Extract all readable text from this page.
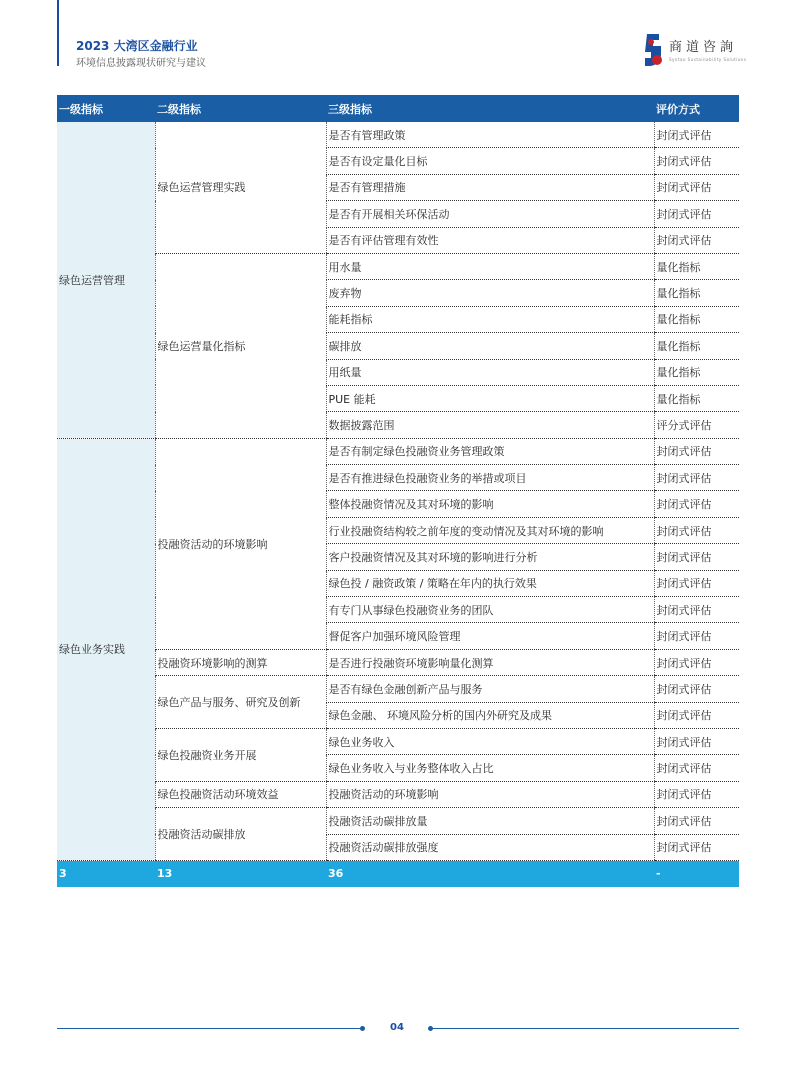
2023 大湾区金融行业
环境信息披露现状研究与建议
商道咨詢
Syntao Sustainability Solutions
一级指标	二级指标	三级指标	评价方式
绿色运营管理	绿色运营管理实践	是否有管理政策	封闭式评估
		是否有设定量化目标	封闭式评估
		是否有管理措施	封闭式评估
		是否有开展相关环保活动	封闭式评估
		是否有评估管理有效性	封闭式评估
	绿色运营量化指标	用水量	量化指标
		废弃物	量化指标
		能耗指标	量化指标
		碳排放	量化指标
		用纸量	量化指标
		PUE 能耗	量化指标
		数据披露范围	评分式评估
绿色业务实践	投融资活动的环境影响	是否有制定绿色投融资业务管理政策	封闭式评估
		是否有推进绿色投融资业务的举措或项目	封闭式评估
		整体投融资情况及其对环境的影响	封闭式评估
		行业投融资结构较之前年度的变动情况及其对环境的影响	封闭式评估
		客户投融资情况及其对环境的影响进行分析	封闭式评估
		绿色投 / 融资政策 / 策略在年内的执行效果	封闭式评估
		有专门从事绿色投融资业务的团队	封闭式评估
		督促客户加强环境风险管理	封闭式评估
	投融资环境影响的测算	是否进行投融资环境影响量化测算	封闭式评估
	绿色产品与服务、研究及创新	是否有绿色金融创新产品与服务	封闭式评估
		绿色金融、 环境风险分析的国内外研究及成果	封闭式评估
	绿色投融资业务开展	绿色业务收入	封闭式评估
		绿色业务收入与业务整体收入占比	封闭式评估
	绿色投融资活动环境效益	投融资活动的环境影响	封闭式评估
	投融资活动碳排放	投融资活动碳排放量	封闭式评估
		投融资活动碳排放强度	封闭式评估
3	13	36	-
04
